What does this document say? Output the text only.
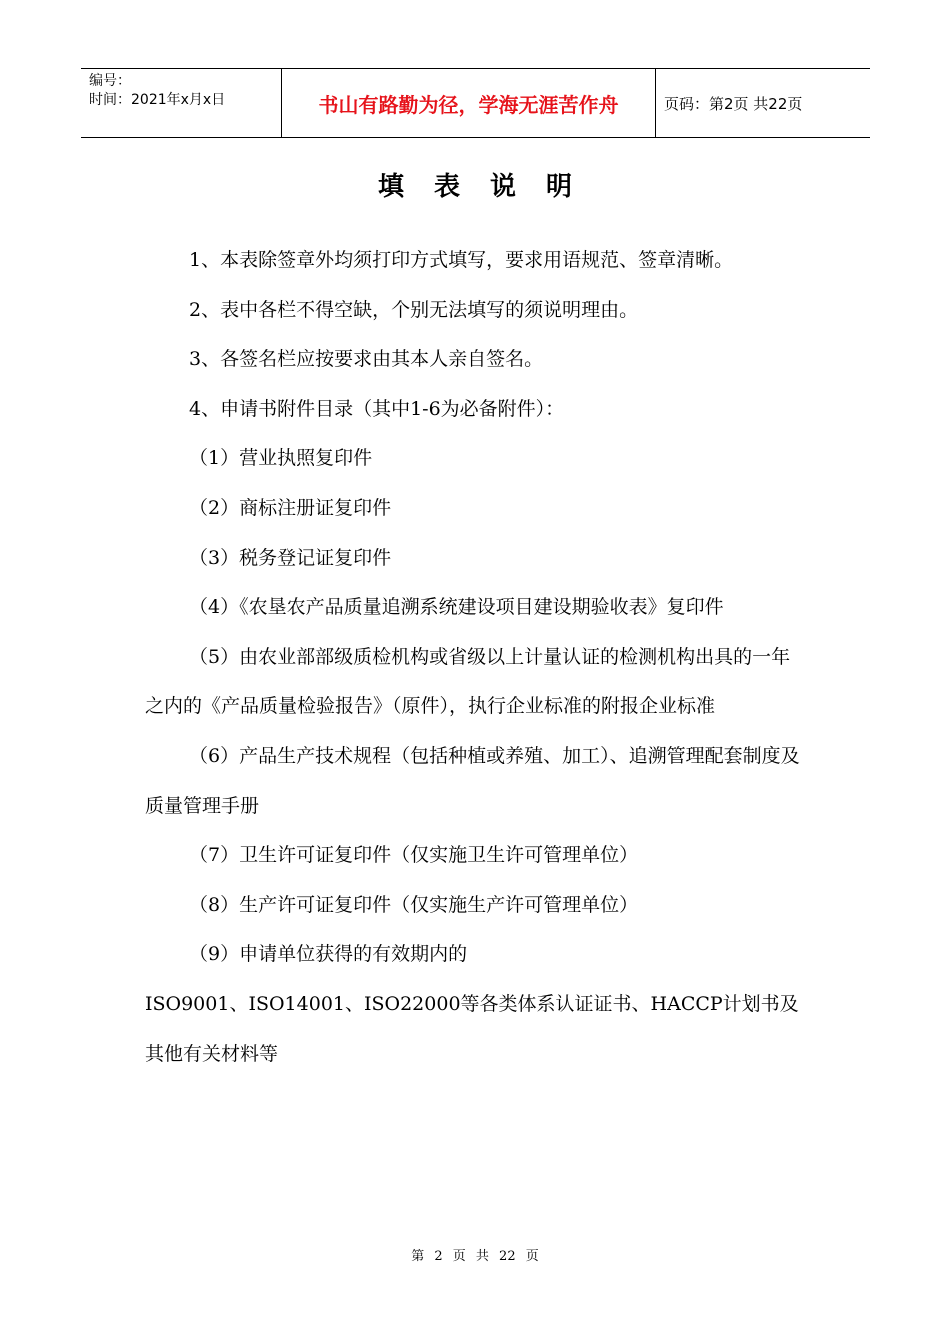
编号：
时间：2021年x月x日	书山有路勤为径，学海无涯苦作舟	页码：第2页 共22页
填表说明

1、本表除签章外均须打印方式填写，要求用语规范、签章清晰。

2、表中各栏不得空缺，个别无法填写的须说明理由。

3、各签名栏应按要求由其本人亲自签名。

4、申请书附件目录（其中1-6为必备附件）：

（1）营业执照复印件

（2）商标注册证复印件

（3）税务登记证复印件

（4）《农垦农产品质量追溯系统建设项目建设期验收表》复印件

（5）由农业部部级质检机构或省级以上计量认证的检测机构出具的一年之内的《产品质量检验报告》（原件），执行企业标准的附报企业标准

（6）产品生产技术规程（包括种植或养殖、加工）、追溯管理配套制度及质量管理手册

（7）卫生许可证复印件（仅实施卫生许可管理单位）

（8）生产许可证复印件（仅实施生产许可管理单位）

（9）申请单位获得的有效期内的

ISO9001、ISO14001、ISO22000等各类体系认证证书、HACCP计划书及其他有关材料等

第 2 页 共 22 页
